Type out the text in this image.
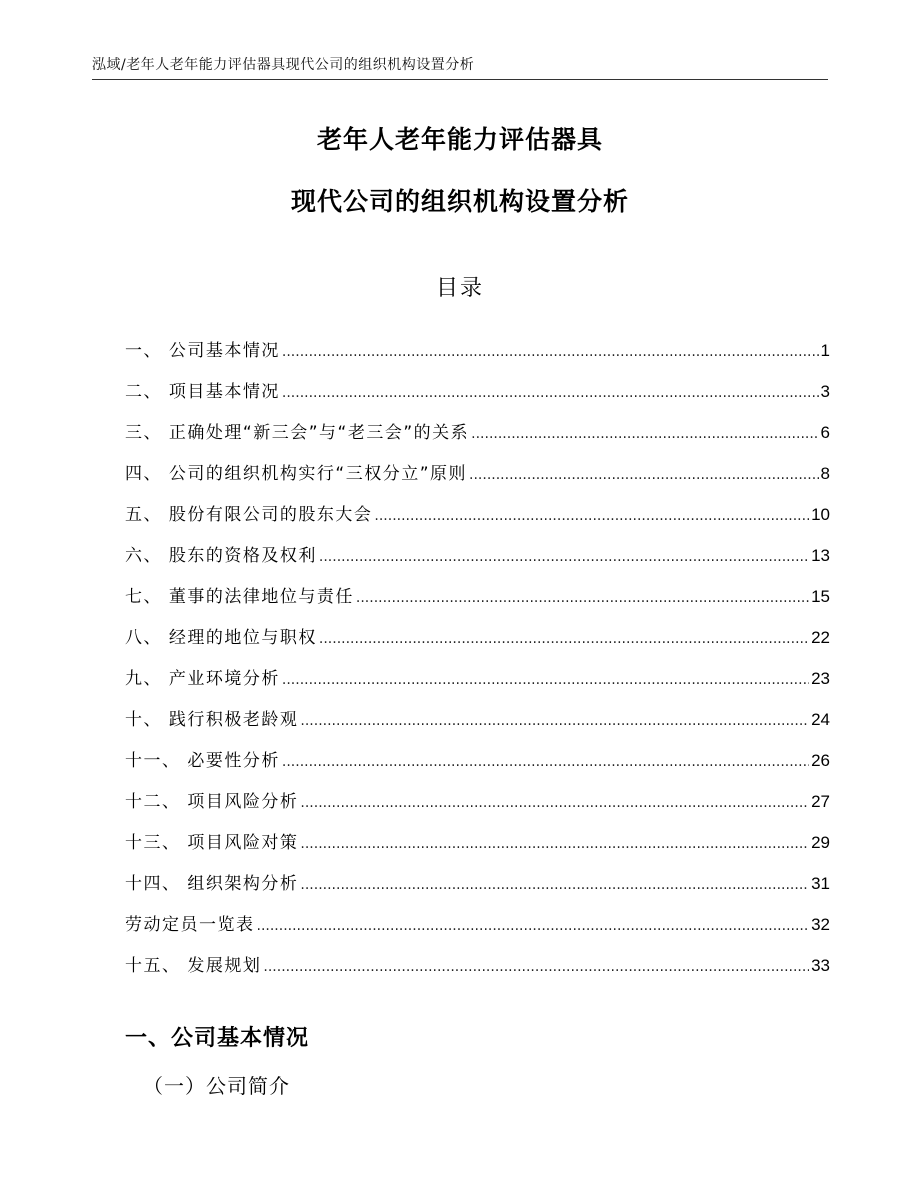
泓域/老年人老年能力评估器具现代公司的组织机构设置分析
老年人老年能力评估器具
现代公司的组织机构设置分析
目录
一、 公司基本情况 .....	1
二、 项目基本情况 .....	3
三、 正确处理“新三会”与“老三会”的关系 .....	6
四、 公司的组织机构实行“三权分立”原则 .....	8
五、 股份有限公司的股东大会 .....	10
六、 股东的资格及权利 .....	13
七、 董事的法律地位与责任 .....	15
八、 经理的地位与职权 .....	22
九、 产业环境分析 .....	23
十、 践行积极老龄观 .....	24
十一、 必要性分析 .....	26
十二、 项目风险分析 .....	27
十三、 项目风险对策 .....	29
十四、 组织架构分析 .....	31
劳动定员一览表 .....	32
十五、 发展规划 .....	33
一、公司基本情况
（一）公司简介
